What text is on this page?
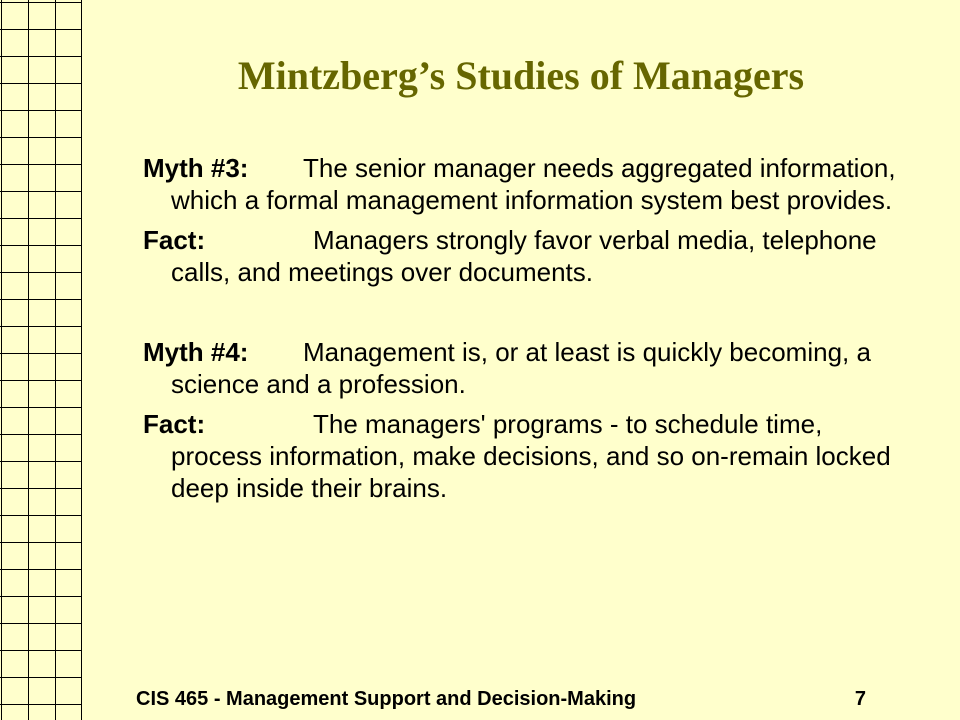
Mintzberg’s Studies of Managers

Myth #3: The senior manager needs aggregated information, which a formal management information system best provides.

Fact:	Managers strongly favor verbal media, telephone calls, and meetings over documents.

Myth #4: Management is, or at least is quickly becoming, a science and a profession.

Fact:	The managers' programs - to schedule time, process information, make decisions, and so on-remain locked deep inside their brains.

CIS 465 - Management Support and Decision-Making	7
